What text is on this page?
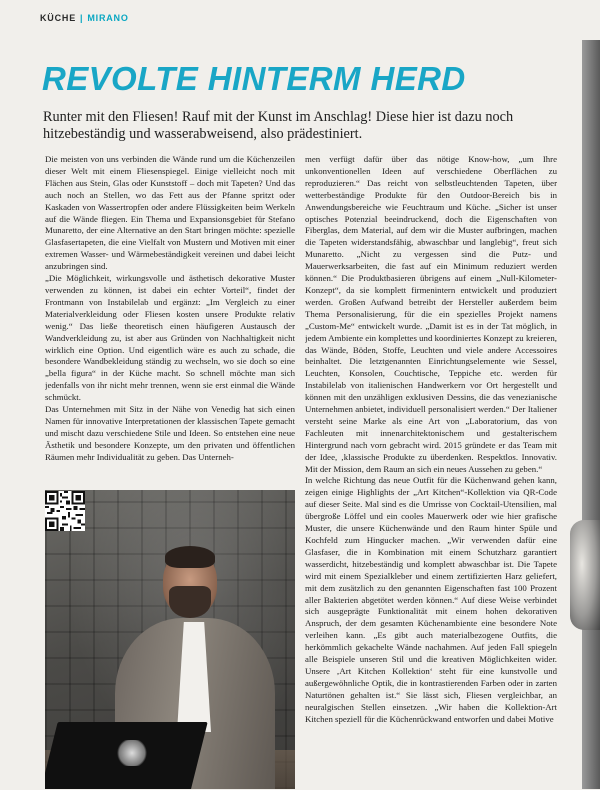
KÜCHE | MIRANO
REVOLTE HINTERM HERD

Runter mit den Fliesen! Rauf mit der Kunst im Anschlag! Diese hier ist dazu noch hitzebeständig und wasserabweisend, also prädestiniert.

Die meisten von uns verbinden die Wände rund um die Küchenzeilen dieser Welt mit einem Fliesenspiegel. Einige vielleicht noch mit Flächen aus Stein, Glas oder Kunststoff – doch mit Tapeten? Und das auch noch an Stellen, wo das Fett aus der Pfanne spritzt oder Kaskaden von Wassertropfen oder andere Flüssigkeiten beim Werkeln auf die Wände fliegen. Ein Thema und Expansionsgebiet für Stefano Munaretto, der eine Alternative an den Start bringen möchte: spezielle Glasfasertapeten, die eine Vielfalt von Mustern und Motiven mit einer extremen Wasser- und Wärmebeständigkeit vereinen und dabei leicht anzubringen sind.

„Die Möglichkeit, wirkungsvolle und ästhetisch dekorative Muster verwenden zu können, ist dabei ein echter Vorteil“, findet der Frontmann von Instabilelab und ergänzt: „Im Vergleich zu einer Materialverkleidung oder Fliesen kosten unsere Produkte relativ wenig.“ Das ließe theoretisch einen häufigeren Austausch der Wandverkleidung zu, ist aber aus Gründen von Nachhaltigkeit nicht wirklich eine Option. Und eigentlich wäre es auch zu schade, die besondere Wandbekleidung ständig zu wechseln, wo sie doch so eine „bella figura“ in der Küche macht. So schnell möchte man sich jedenfalls von ihr nicht mehr trennen, wenn sie erst einmal die Wände schmückt.

Das Unternehmen mit Sitz in der Nähe von Venedig hat sich einen Namen für innovative Interpretationen der klassischen Tapete gemacht und mischt dazu verschiedene Stile und Ideen. So entstehen eine neue Ästhetik und besondere Konzepte, um den privaten und öffentlichen Räumen mehr Individualität zu geben. Das Unterneh-

men verfügt dafür über das nötige Know-how, „um Ihre unkonventionellen Ideen auf verschiedene Oberflächen zu reproduzieren.“ Das reicht von selbstleuchtenden Tapeten, über wetterbeständige Produkte für den Outdoor-Bereich bis in Anwendungsbereiche wie Feuchtraum und Küche. „Sicher ist unser optisches Potenzial beeindruckend, doch die Eigenschaften von Fiberglas, dem Material, auf dem wir die Muster aufbringen, machen die Tapeten widerstandsfähig, abwaschbar und langlebig“, freut sich Munaretto. „Nicht zu vergessen sind die Putz- und Mauerwerksarbeiten, die fast auf ein Minimum reduziert werden können.“ Die Produktbasieren übrigens auf einem „Null-Kilometer-Konzept“, da sie komplett firmenintern entwickelt und produziert werden. Großen Aufwand betreibt der Hersteller außerdem beim Thema Personalisierung, für die ein spezielles Projekt namens „Custom-Me“ entwickelt wurde. „Damit ist es in der Tat möglich, in jedem Ambiente ein komplettes und koordiniertes Konzept zu kreieren, das Wände, Böden, Stoffe, Leuchten und viele andere Accessoires beinhaltet. Die letztgenannten Einrichtungselemente wie Sessel, Leuchten, Konsolen, Couchtische, Teppiche etc. werden für Instabilelab von italienischen Handwerkern vor Ort hergestellt und können mit den unzähligen exklusiven Dessins, die das venezianische Unternehmen anbietet, individuell personalisiert werden.“ Der Italiener versteht seine Marke als eine Art von „Laboratorium, das von Fachleuten mit innenarchitektonischem und gestalterischem Hintergrund nach vorn gebracht wird. 2015 gründete er das Team mit der Idee, ‚klassische Produkte zu überdenken. Respektlos. Innovativ. Mit der Mission, dem Raum an sich ein neues Aussehen zu geben.“

In welche Richtung das neue Outfit für die Küchenwand gehen kann, zeigen einige Highlights der „Art Kitchen“-Kollektion via QR-Code auf dieser Seite. Mal sind es die Umrisse von Cocktail-Utensilien, mal übergroße Löffel und ein cooles Mauerwerk oder wie hier grafische Muster, die unsere Küchenwände und den Raum hinter Spüle und Kochfeld zum Hingucker machen. „Wir verwenden dafür eine Glasfaser, die in Kombination mit einem Schutzharz garantiert wasserdicht, hitzebeständig und komplett abwaschbar ist. Die Tapete wird mit einem Spezialkleber und einem zertifizierten Harz geliefert, mit dem zusätzlich zu den genannten Eigenschaften fast 100 Prozent aller Bakterien abgetötet werden können.“ Auf diese Weise verbindet sich ausgeprägte Funktionalität mit einem hohen dekorativen Anspruch, der dem gesamten Küchenambiente eine besondere Note verleihen kann. „Es gibt auch materialbezogene Outfits, die herkömmlich gekachelte Wände nachahmen. Auf jeden Fall spiegeln alle Beispiele unseren Stil und die kreativen Möglichkeiten wider. Unsere ‚Art Kitchen Kollektion‘ steht für eine kunstvolle und außergewöhnliche Optik, die in kontrastierenden Farben oder in zarten Naturtönen gehalten ist.“ Sie lässt sich, Fliesen vergleichbar, an neuralgischen Stellen einsetzen. „Wir haben die Kollektion-Art Kitchen speziell für die Küchenrückwand entworfen und dabei Motive
